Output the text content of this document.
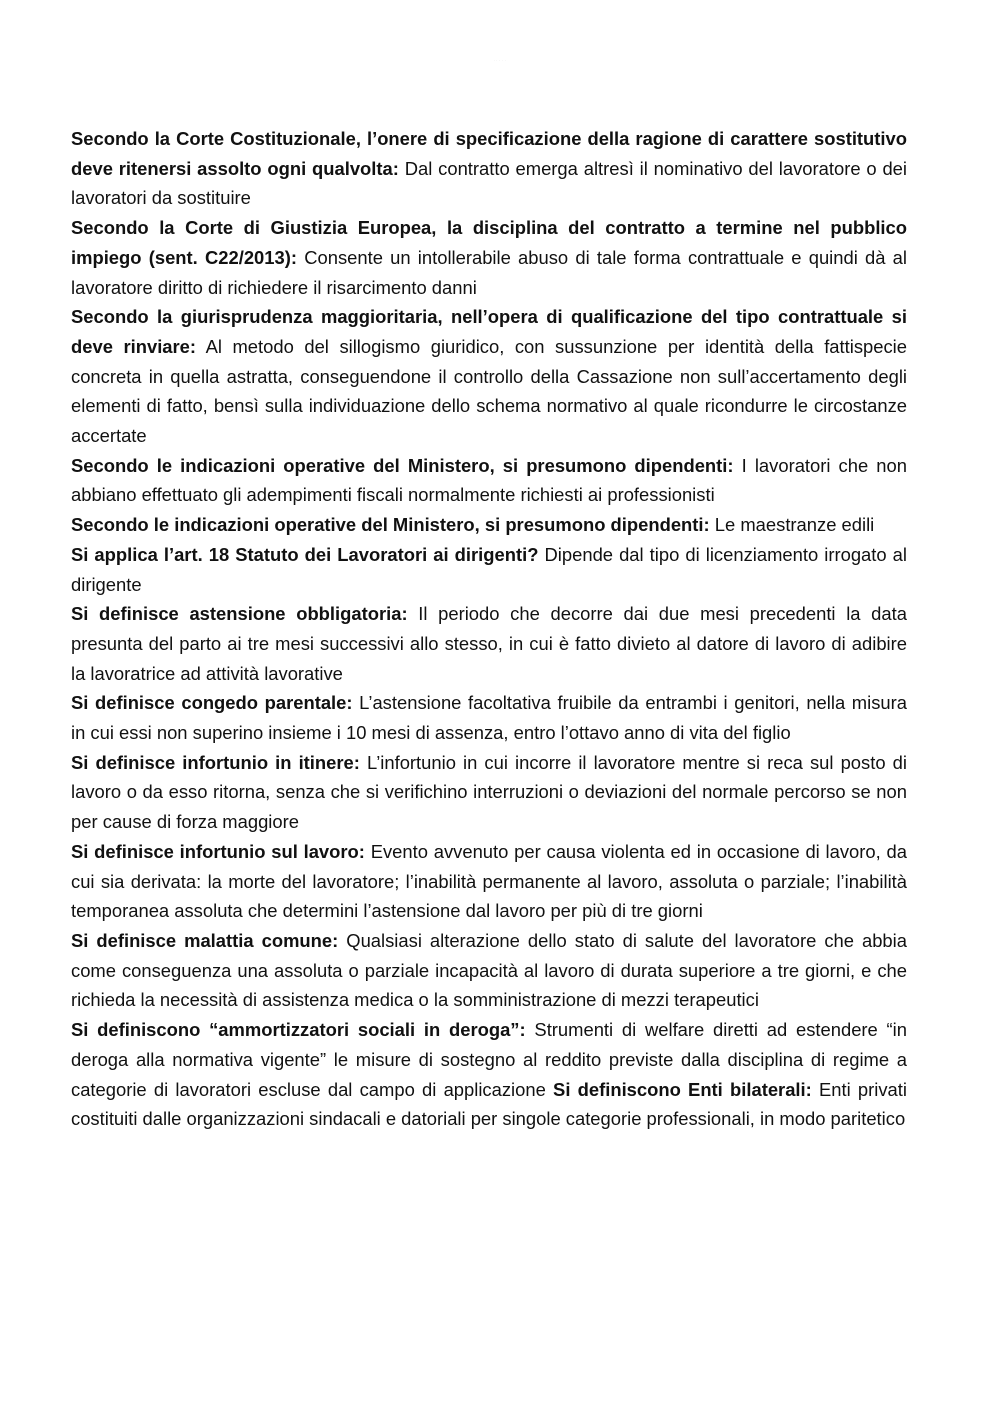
· · · · ·

Secondo la Corte Costituzionale, l’onere di specificazione della ragione di carattere sostitutivo deve ritenersi assolto ogni qualvolta: Dal contratto emerga altresì il nominativo del lavoratore o dei lavoratori da sostituire

Secondo la Corte di Giustizia Europea, la disciplina del contratto a termine nel pubblico impiego (sent. C22/2013): Consente un intollerabile abuso di tale forma contrattuale e quindi dà al lavoratore diritto di richiedere il risarcimento danni

Secondo la giurisprudenza maggioritaria, nell’opera di qualificazione del tipo contrattuale si deve rinviare: Al metodo del sillogismo giuridico, con sussunzione per identità della fattispecie concreta in quella astratta, conseguendone il controllo della Cassazione non sull’accertamento degli elementi di fatto, bensì sulla individuazione dello schema normativo al quale ricondurre le circostanze accertate

Secondo le indicazioni operative del Ministero, si presumono dipendenti: I lavoratori che non abbiano effettuato gli adempimenti fiscali normalmente richiesti ai professionisti

Secondo le indicazioni operative del Ministero, si presumono dipendenti: Le maestranze edili

Si applica l’art. 18 Statuto dei Lavoratori ai dirigenti? Dipende dal tipo di licenziamento irrogato al dirigente

Si definisce astensione obbligatoria: Il periodo che decorre dai due mesi precedenti la data presunta del parto ai tre mesi successivi allo stesso, in cui è fatto divieto al datore di lavoro di adibire la lavoratrice ad attività lavorative

Si definisce congedo parentale: L’astensione facoltativa fruibile da entrambi i genitori, nella misura in cui essi non superino insieme i 10 mesi di assenza, entro l’ottavo anno di vita del figlio

Si definisce infortunio in itinere: L’infortunio in cui incorre il lavoratore mentre si reca sul posto di lavoro o da esso ritorna, senza che si verifichino interruzioni o deviazioni del normale percorso se non per cause di forza maggiore

Si definisce infortunio sul lavoro: Evento avvenuto per causa violenta ed in occasione di lavoro, da cui sia derivata: la morte del lavoratore; l’inabilità permanente al lavoro, assoluta o parziale; l’inabilità temporanea assoluta che determini l’astensione dal lavoro per più di tre giorni

Si definisce malattia comune: Qualsiasi alterazione dello stato di salute del lavoratore che abbia come conseguenza una assoluta o parziale incapacità al lavoro di durata superiore a tre giorni, e che richieda la necessità di assistenza medica o la somministrazione di mezzi terapeutici

Si definiscono “ammortizzatori sociali in deroga”: Strumenti di welfare diretti ad estendere “in deroga alla normativa vigente” le misure di sostegno al reddito previste dalla disciplina di regime a categorie di lavoratori escluse dal campo di applicazione Si definiscono Enti bilaterali: Enti privati costituiti dalle organizzazioni sindacali e datoriali per singole categorie professionali, in modo paritetico
